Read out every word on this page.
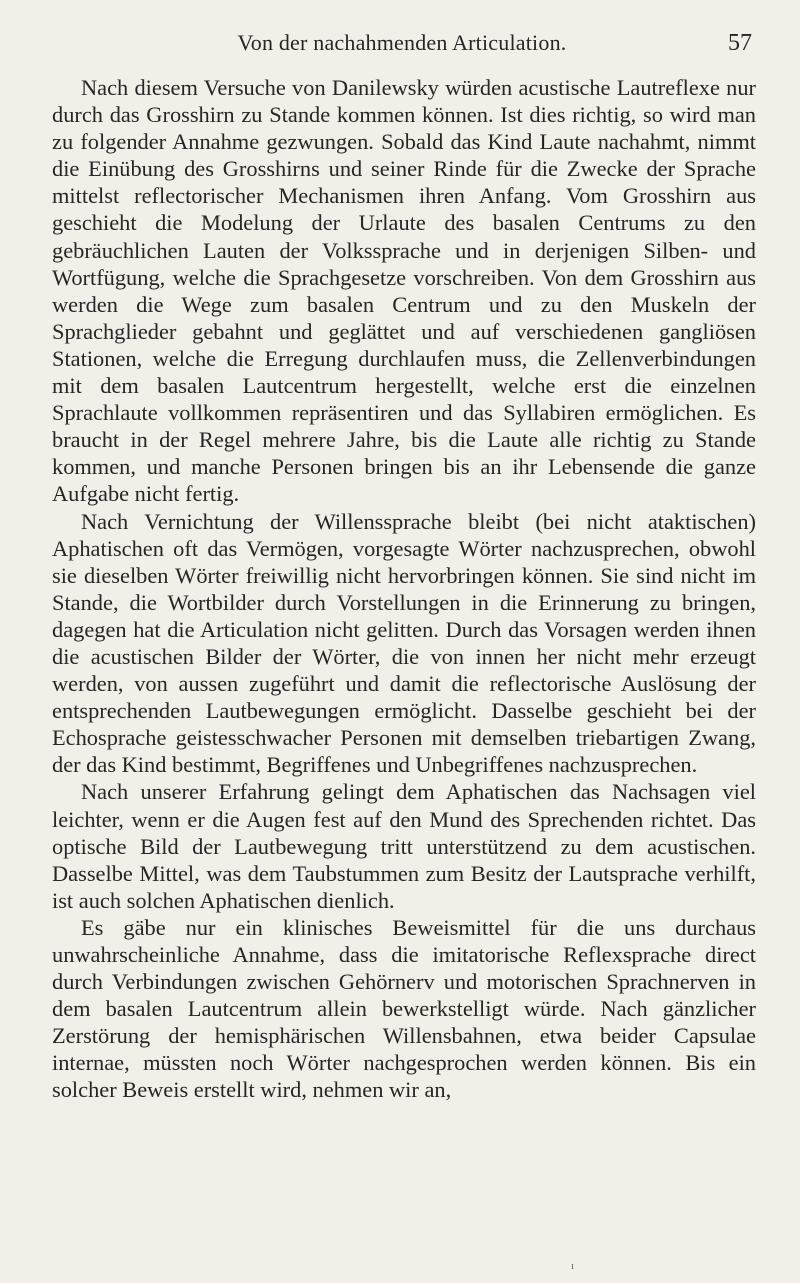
Von der nachahmenden Articulation.	57

Nach diesem Versuche von Danilewsky würden acustische Lautreflexe nur durch das Grosshirn zu Stande kommen können. Ist dies richtig, so wird man zu folgender Annahme gezwungen. Sobald das Kind Laute nachahmt, nimmt die Einübung des Grosshirns und seiner Rinde für die Zwecke der Sprache mittelst reflectorischer Mechanismen ihren Anfang. Vom Grosshirn aus geschieht die Modelung der Urlaute des basalen Centrums zu den gebräuchlichen Lauten der Volkssprache und in derjenigen Silben- und Wortfügung, welche die Sprachgesetze vorschreiben. Von dem Grosshirn aus werden die Wege zum basalen Centrum und zu den Muskeln der Sprachglieder gebahnt und geglättet und auf verschiedenen gangliösen Stationen, welche die Erregung durchlaufen muss, die Zellenverbindungen mit dem basalen Lautcentrum hergestellt, welche erst die einzelnen Sprachlaute vollkommen repräsentiren und das Syllabiren ermöglichen. Es braucht in der Regel mehrere Jahre, bis die Laute alle richtig zu Stande kommen, und manche Personen bringen bis an ihr Lebensende die ganze Aufgabe nicht fertig.

Nach Vernichtung der Willenssprache bleibt (bei nicht ataktischen) Aphatischen oft das Vermögen, vorgesagte Wörter nachzusprechen, obwohl sie dieselben Wörter freiwillig nicht hervorbringen können. Sie sind nicht im Stande, die Wortbilder durch Vorstellungen in die Erinnerung zu bringen, dagegen hat die Articulation nicht gelitten. Durch das Vorsagen werden ihnen die acustischen Bilder der Wörter, die von innen her nicht mehr erzeugt werden, von aussen zugeführt und damit die reflectorische Auslösung der entsprechenden Lautbewegungen ermöglicht. Dasselbe geschieht bei der Echosprache geistesschwacher Personen mit demselben triebartigen Zwang, der das Kind bestimmt, Begriffenes und Unbegriffenes nachzusprechen.

Nach unserer Erfahrung gelingt dem Aphatischen das Nachsagen viel leichter, wenn er die Augen fest auf den Mund des Sprechenden richtet. Das optische Bild der Lautbewegung tritt unterstützend zu dem acustischen. Dasselbe Mittel, was dem Taubstummen zum Besitz der Lautsprache verhilft, ist auch solchen Aphatischen dienlich.

Es gäbe nur ein klinisches Beweismittel für die uns durchaus unwahrscheinliche Annahme, dass die imitatorische Reflexsprache direct durch Verbindungen zwischen Gehörnerv und motorischen Sprachnerven in dem basalen Lautcentrum allein bewerkstelligt würde. Nach gänzlicher Zerstörung der hemisphärischen Willensbahnen, etwa beider Capsulae internae, müssten noch Wörter nachgesprochen werden können. Bis ein solcher Beweis erstellt wird, nehmen wir an,

ı
